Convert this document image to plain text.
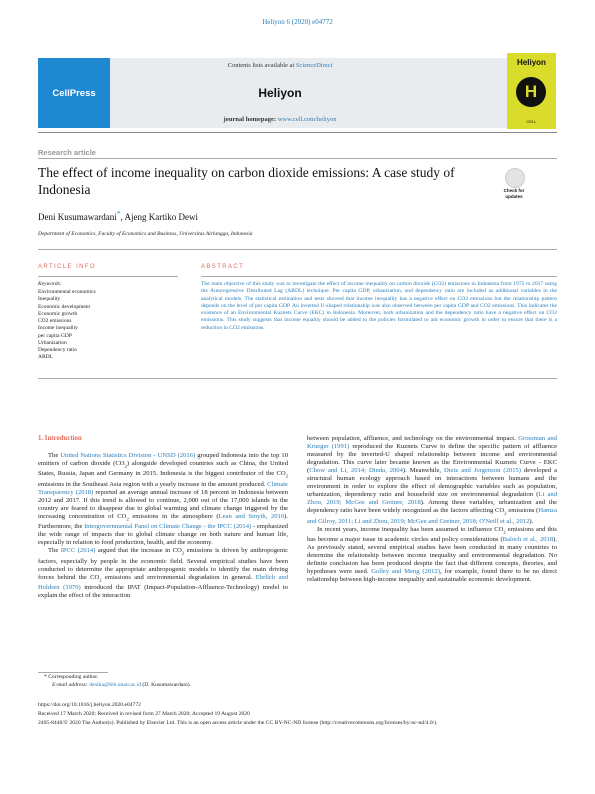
Heliyon 6 (2020) e04772
CellPress
Contents lists available at ScienceDirect
Heliyon
journal homepage: www.cell.com/heliyon
Heliyon
H
CELL
Research article
The effect of income inequality on carbon dioxide emissions: A case study of Indonesia	Check for updates
Deni Kusumawardani*, Ajeng Kartiko Dewi
Department of Economics, Faculty of Economics and Business, Universitas Airlangga, Indonesia
ARTICLE INFO
Keywords:
Environmental economics
Inequality
Economic development
Economic growth
CO2 emissions
Income inequality
per capita GDP
Urbanization
Dependency ratio
ARDL
ABSTRACT
The main objective of this study was to investigate the effect of income inequality on carbon dioxide (CO2) emissions in Indonesia from 1975 to 2017 using the Autoregressive Distributed Lag (ARDL) technique. Per capita GDP, urbanization, and dependency ratio are included as additional variables in the analytical models. The statistical estimation and tests showed that income inequality has a negative effect on CO2 emissions but the relationship pattern depends on the level of per capita GDP. An inverted U-shaped relationship was also observed between per capita GDP and CO2 emissions. This indicates the existence of an Environmental Kuznets Curve (EKC) in Indonesia. Moreover, both urbanization and the dependency ratio have a negative effect on CO2 emissions. This study suggests that income equality should be added to the policies formulated to aid economic growth in order to ensure that there is a reduction in CO2 emissions.
1. Introduction

The United Nations Statistics Division - UNSD (2016) grouped Indonesia into the top 10 emitters of carbon dioxide $(CO_2)$ alongside developed countries such as China, the United States, Russia, Japan and Germany in 2015. Indonesia is the biggest contributor of the $CO_2$ emissions in the Southeast Asia region with a yearly increase in the amount produced. Climate Transparency (2018) reported an average annual increase of 18 percent in Indonesia between 2012 and 2017. If this trend is allowed to continue, 2,000 out of the 17,000 islands in the country are feared to disappear due to global warming and climate change triggered by the increasing concentration of $CO_2$ emissions in the atmosphere (Lean and Smyth, 2010). Furthermore, the Intergovernmental Panel on Climate Change - the IPCC (2014) - emphasized the wide range of impacts due to global climate change on both nature and human life, especially in relation to food production, health, and the economy.

The IPCC (2014) argued that the increase in $CO_2$ emissions is driven by anthropogenic factors, especially by people in the economic field. Several empirical studies have been conducted to determine the appropriate anthropogenic models to identify the main driving forces behind the $CO_2$ emissions and environmental degradation in general. Ehrlich and Holdren (1970) introduced the IPAT (Impact-Population-Affluence-Technology) model to explain the effect of the interaction

between population, affluence, and technology on the environmental impact. Grossman and Krueger (1991) reproduced the Kuznets Curve to define the specific pattern of affluence measured by the inverted-U shaped relationship between income and environmental degradation. This curve later became known as the Environmental Kuznets Curve - EKC (Chow and Li, 2014; Dinda, 2004). Meanwhile, Dietz and Jorgenson (2015) developed a structural human ecology approach based on interactions between humans and the environment in order to explore the effect of demographic variables such as population, urbanization, dependency ratio and household size on environmental degradation (Li and Zhou, 2019; McGee and Greiner, 2018). Among these variables, urbanization and the dependency ratio have been widely recognized as the factors affecting $CO_2$ emissions (Hamza and Gilroy, 2011; Li and Zhou, 2019; McGee and Greiner, 2018; O'Neill et al., 2012).

In recent years, income inequality has been assumed to influence $CO_2$ emissions and this has become a major issue in academic circles and policy considerations (Baloch et al., 2018). As previously stated, several empirical studies have been conducted in many countries to determine the relationship between income inequality and environmental degradation. No definite conclusion has been produced despite the fact that different concepts, theories, and hypotheses were used. Golley and Meng (2012), for example, found there to be no direct relationship between high-income inequality and sustainable economic development.

* Corresponding author.
E-mail address: denika@feb.unair.ac.id (D. Kusumawardani).
https://doi.org/10.1016/j.heliyon.2020.e04772
Received 17 March 2020; Received in revised form 27 March 2020; Accepted 19 August 2020
2405-8440/© 2020 The Author(s). Published by Elsevier Ltd. This is an open access article under the CC BY-NC-ND license (http://creativecommons.org/licenses/by-nc-nd/4.0/).
